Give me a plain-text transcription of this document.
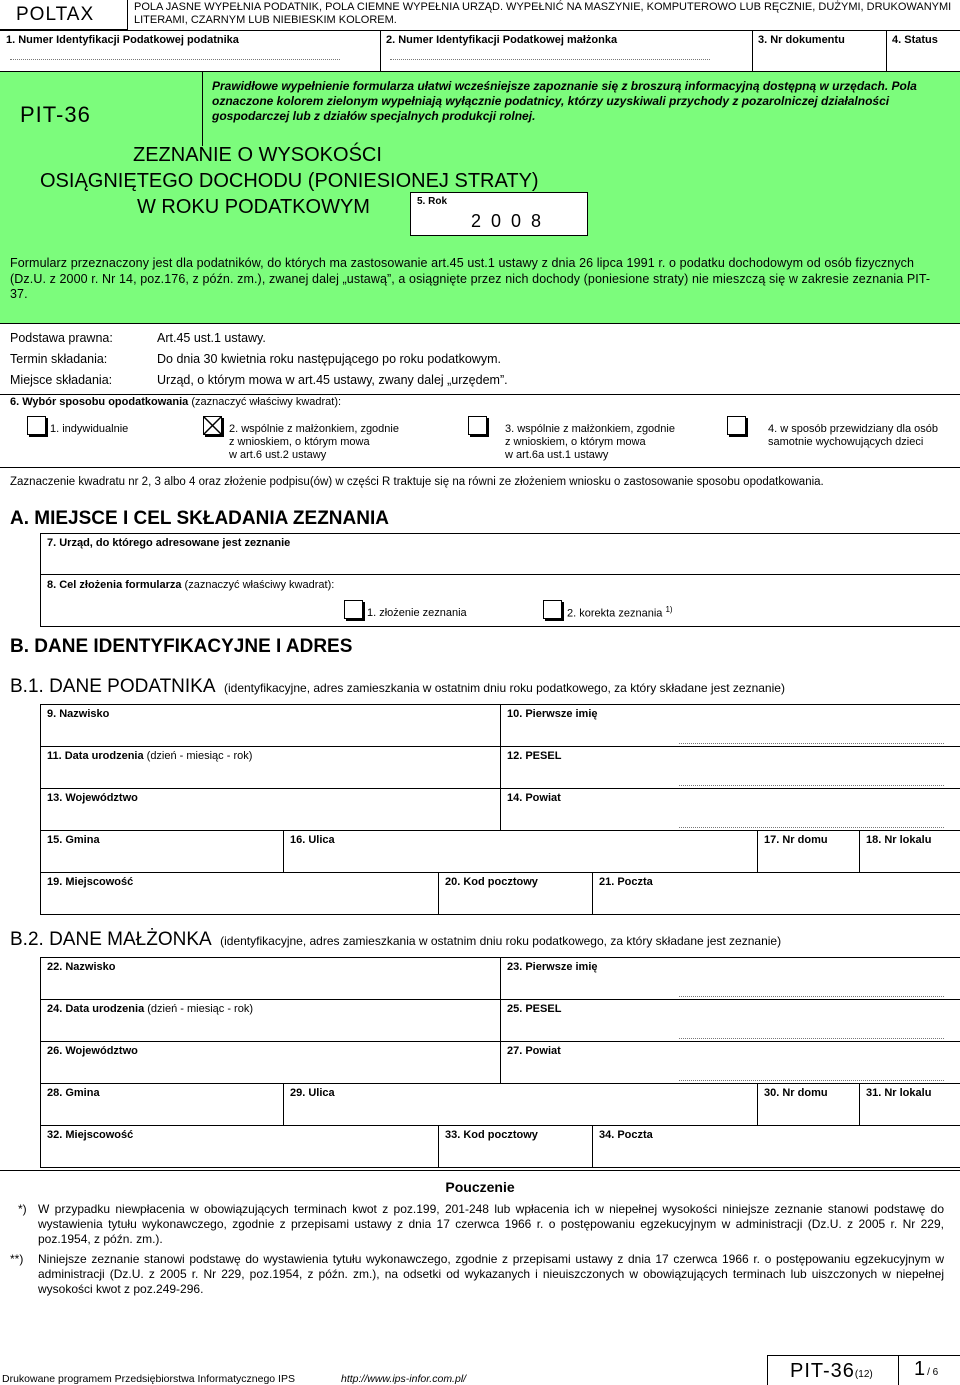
POLTAX	POLA JASNE WYPEŁNIA PODATNIK, POLA CIEMNE WYPEŁNIA URZĄD. WYPEŁNIĆ NA MASZYNIE, KOMPUTEROWO LUB RĘCZNIE, DUŻYMI, DRUKOWANYMI LITERAMI, CZARNYM LUB NIEBIESKIM KOLOREM.
1. Numer Identyfikacji Podatkowej podatnika	2. Numer Identyfikacji Podatkowej małżonka	3. Nr dokumentu	4. Status
PIT-36
Prawidłowe wypełnienie formularza ułatwi wcześniejsze zapoznanie się z broszurą informacyjną dostępną w urzędach. Pola oznaczone kolorem zielonym wypełniają wyłącznie podatnicy, którzy uzyskiwali przychody z pozarolniczej działalności gospodarczej lub z działów specjalnych produkcji rolnej.
ZEZNANIE O WYSOKOŚCI
OSIĄGNIĘTEGO DOCHODU (PONIESIONEJ STRATY)
W ROKU PODATKOWYM	5. Rok
2  0  0  8
Formularz przeznaczony jest dla podatników, do których ma zastosowanie art.45 ust.1 ustawy z dnia 26 lipca 1991 r. o podatku dochodowym od osób fizycznych (Dz.U. z 2000 r. Nr 14, poz.176, z późn. zm.), zwanej dalej „ustawą”, a osiągnięte przez nich dochody (poniesione straty) nie mieszczą się w zakresie zeznania PIT-37.
Podstawa prawna:	Art.45 ust.1 ustawy.
Termin składania:	Do dnia 30 kwietnia roku następującego po roku podatkowym.
Miejsce składania:	Urząd, o którym mowa w art.45 ustawy, zwany dalej „urzędem”.
6. Wybór sposobu opodatkowania (zaznaczyć właściwy kwadrat):
1. indywidualnie	2. wspólnie z małżonkiem, zgodnie
z wnioskiem, o którym mowa
w art.6 ust.2 ustawy
3. wspólnie z małżonkiem, zgodnie
z wnioskiem, o którym mowa
w art.6a ust.1 ustawy
4. w sposób przewidziany dla osób
samotnie wychowujących dzieci
Zaznaczenie kwadratu nr 2, 3 albo 4 oraz złożenie podpisu(ów) w części R traktuje się na równi ze złożeniem wniosku o zastosowanie sposobu opodatkowania.
A. MIEJSCE I CEL SKŁADANIA ZEZNANIA
7. Urząd, do którego adresowane jest zeznanie
8. Cel złożenia formularza (zaznaczyć właściwy kwadrat):
1. złożenie zeznania	2. korekta zeznania $^{1)}$
B. DANE IDENTYFIKACYJNE I ADRES
B.1. DANE PODATNIKA (identyfikacyjne, adres zamieszkania w ostatnim dniu roku podatkowego, za który składane jest zeznanie)
9. Nazwisko	10. Pierwsze imię
11. Data urodzenia (dzień - miesiąc - rok)	12. PESEL
13. Województwo	14. Powiat
15. Gmina	16. Ulica	17. Nr domu	18. Nr lokalu
19. Miejscowość	20. Kod pocztowy	21. Poczta
B.2. DANE MAŁŻONKA (identyfikacyjne, adres zamieszkania w ostatnim dniu roku podatkowego, za który składane jest zeznanie)
22. Nazwisko	23. Pierwsze imię
24. Data urodzenia (dzień - miesiąc - rok)	25. PESEL
26. Województwo	27. Powiat
28. Gmina	29. Ulica	30. Nr domu	31. Nr lokalu
32. Miejscowość	33. Kod pocztowy	34. Poczta
Pouczenie
*) W przypadku niewpłacenia w obowiązujących terminach kwot z poz.199, 201-248 lub wpłacenia ich w niepełnej wysokości niniejsze zeznanie stanowi podstawę do wystawienia tytułu wykonawczego, zgodnie z przepisami ustawy z dnia 17 czerwca 1966 r. o postępowaniu egzekucyjnym w administracji (Dz.U. z 2005 r. Nr 229, poz.1954, z późn. zm.).
**) Niniejsze zeznanie stanowi podstawę do wystawienia tytułu wykonawczego, zgodnie z przepisami ustawy z dnia 17 czerwca 1966 r. o postępowaniu egzekucyjnym w administracji (Dz.U. z 2005 r. Nr 229, poz.1954, z późn. zm.), na odsetki od wykazanych i nieuiszczonych w obowiązujących terminach lub uiszczonych w niepełnej wysokości kwot z poz.249-296.
Drukowane programem Przedsiębiorstwa Informatycznego IPS	http://www.ips-infor.com.pl/	PIT-36(12) 1 / 6
